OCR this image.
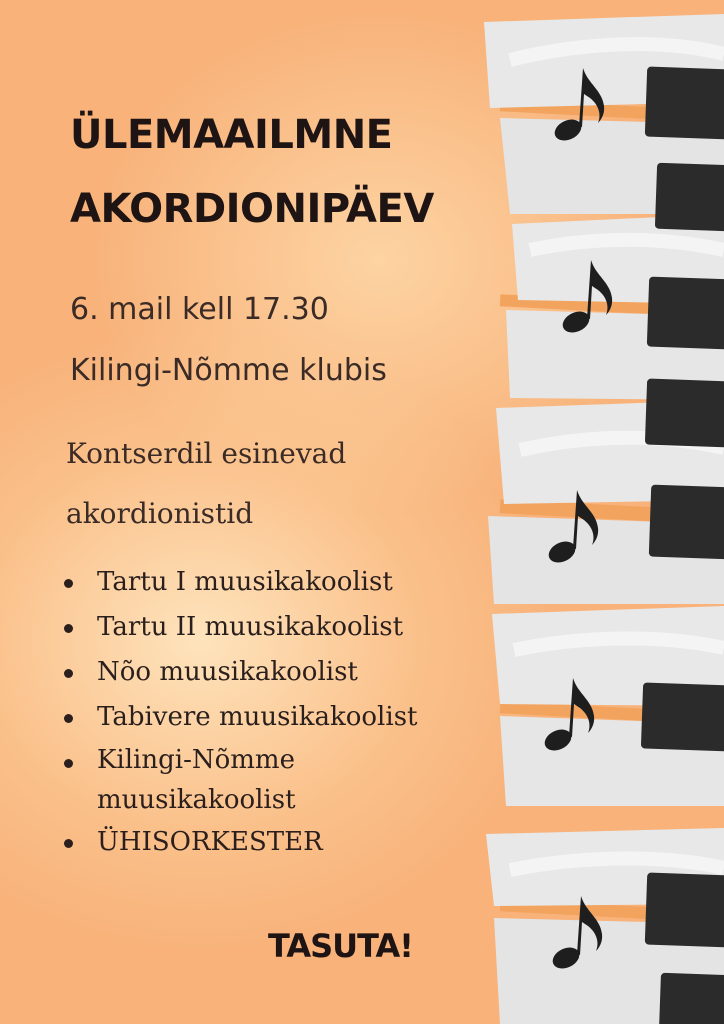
ÜLEMAAILMNE
AKORDIONIPÄEV
6. mail kell 17.30
Kilingi-Nõmme klubis
Kontserdil esinevad
akordionistid
Tartu I muusikakoolist
Tartu II muusikakoolist
Nõo muusikakoolist
Tabivere muusikakoolist
Kilingi-Nõmme muusikakoolist
ÜHISORKESTER
TASUTA!
